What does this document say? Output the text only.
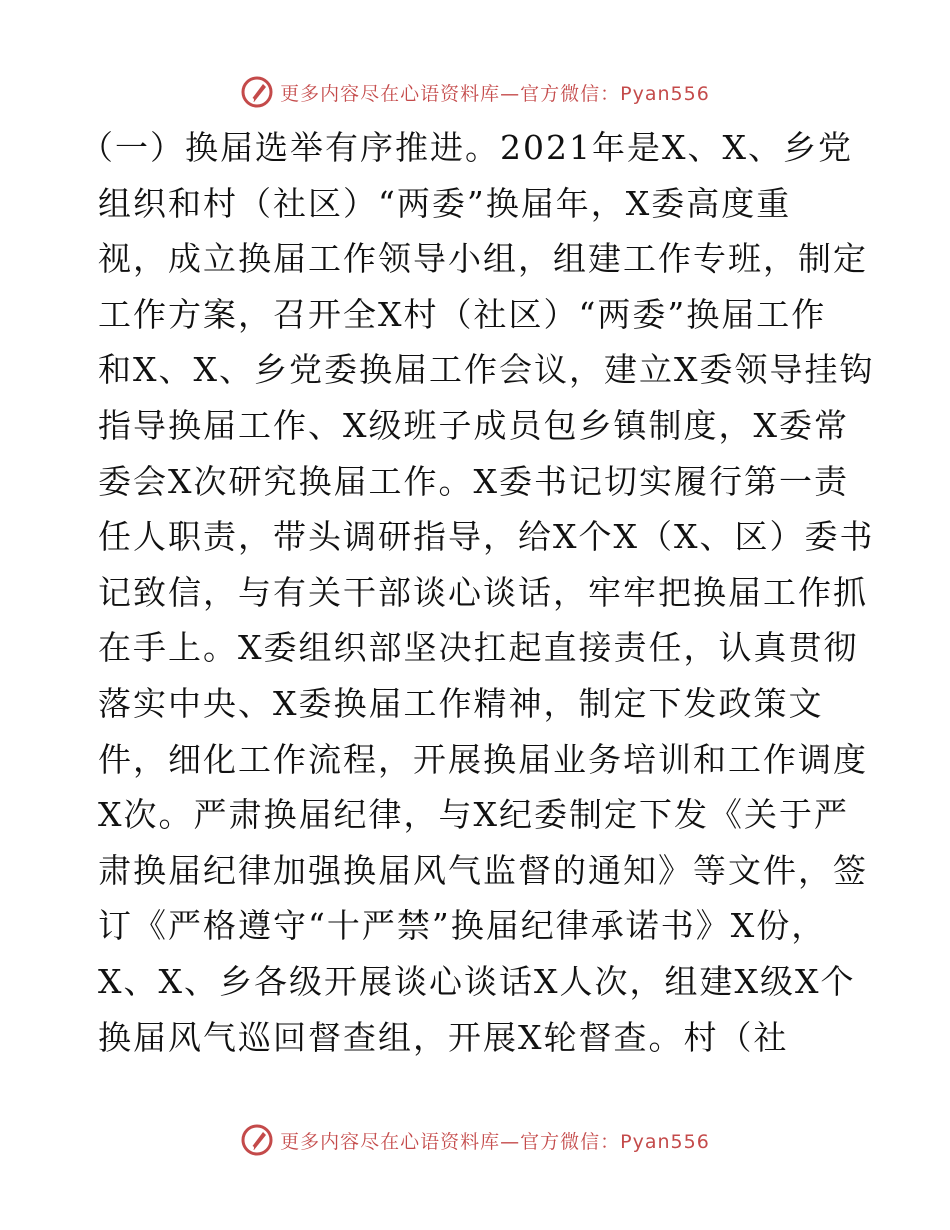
更多内容尽在心语资料库—官方微信：Pyan556
（一）换届选举有序推进。2021年是X、X、乡党
组织和村（社区）“两委”换届年，X委高度重
视，成立换届工作领导小组，组建工作专班，制定
工作方案，召开全X村（社区）“两委”换届工作
和X、X、乡党委换届工作会议，建立X委领导挂钩
指导换届工作、X级班子成员包乡镇制度，X委常
委会X次研究换届工作。X委书记切实履行第一责
任人职责，带头调研指导，给X个X（X、区）委书
记致信，与有关干部谈心谈话，牢牢把换届工作抓
在手上。X委组织部坚决扛起直接责任，认真贯彻
落实中央、X委换届工作精神，制定下发政策文
件，细化工作流程，开展换届业务培训和工作调度
X次。严肃换届纪律，与X纪委制定下发《关于严
肃换届纪律加强换届风气监督的通知》等文件，签
订《严格遵守“十严禁”换届纪律承诺书》X份，
X、X、乡各级开展谈心谈话X人次，组建X级X个
换届风气巡回督查组，开展X轮督查。村（社
更多内容尽在心语资料库—官方微信：Pyan556
